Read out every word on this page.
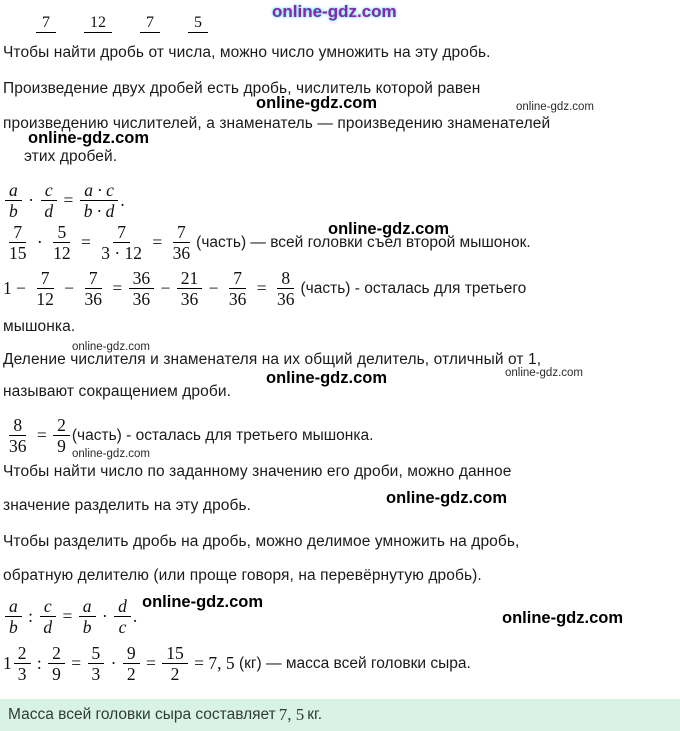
7	12	7	5
Чтобы найти дробь от числа, можно число умножить на эту дробь.
Произведение двух дробей есть дробь, числитель которой равен
произведению числителей, а знаменатель — произведению знаменателей
этих дробей.
$\frac{a}{b} \cdot \frac{c}{d} = \frac{a \cdot c}{b \cdot d}$ .
$\frac{7}{15} \cdot \frac{5}{12} = \frac{7}{3 \cdot 12} = \frac{7}{36}$ (часть) — всей головки съел второй мышонок.
$1 - \frac{7}{12} - \frac{7}{36} = \frac{36}{36} - \frac{21}{36} - \frac{7}{36} = \frac{8}{36}$ (часть) - осталась для третьего
мышонка.
Деление числителя и знаменателя на их общий делитель, отличный от 1,
называют сокращением дроби.
$\frac{8}{36} = \frac{2}{9}$ (часть) - осталась для третьего мышонка.
Чтобы найти число по заданному значению его дроби, можно данное
значение разделить на эту дробь.
Чтобы разделить дробь на дробь, можно делимое умножить на дробь,
обратную делителю (или проще говоря, на перевёрнутую дробь).
$\frac{a}{b}$ : $\frac{c}{d} = \frac{a}{b} \cdot \frac{d}{c}$ .
$1 \frac{2}{3}$ : $\frac{2}{9} = \frac{5}{3} \cdot \frac{9}{2} = \frac{15}{2} = 7$, 5 (кг) — масса всей головки сыра.
Масса всей головки сыра составляет 7, 5 кг.
online-gdz.com
online-gdz.com	online-gdz.com
online-gdz.com
online-gdz.com
online-gdz.com
online-gdz.com	online-gdz.com
online-gdz.com
online-gdz.com
online-gdz.com
online-gdz.com
